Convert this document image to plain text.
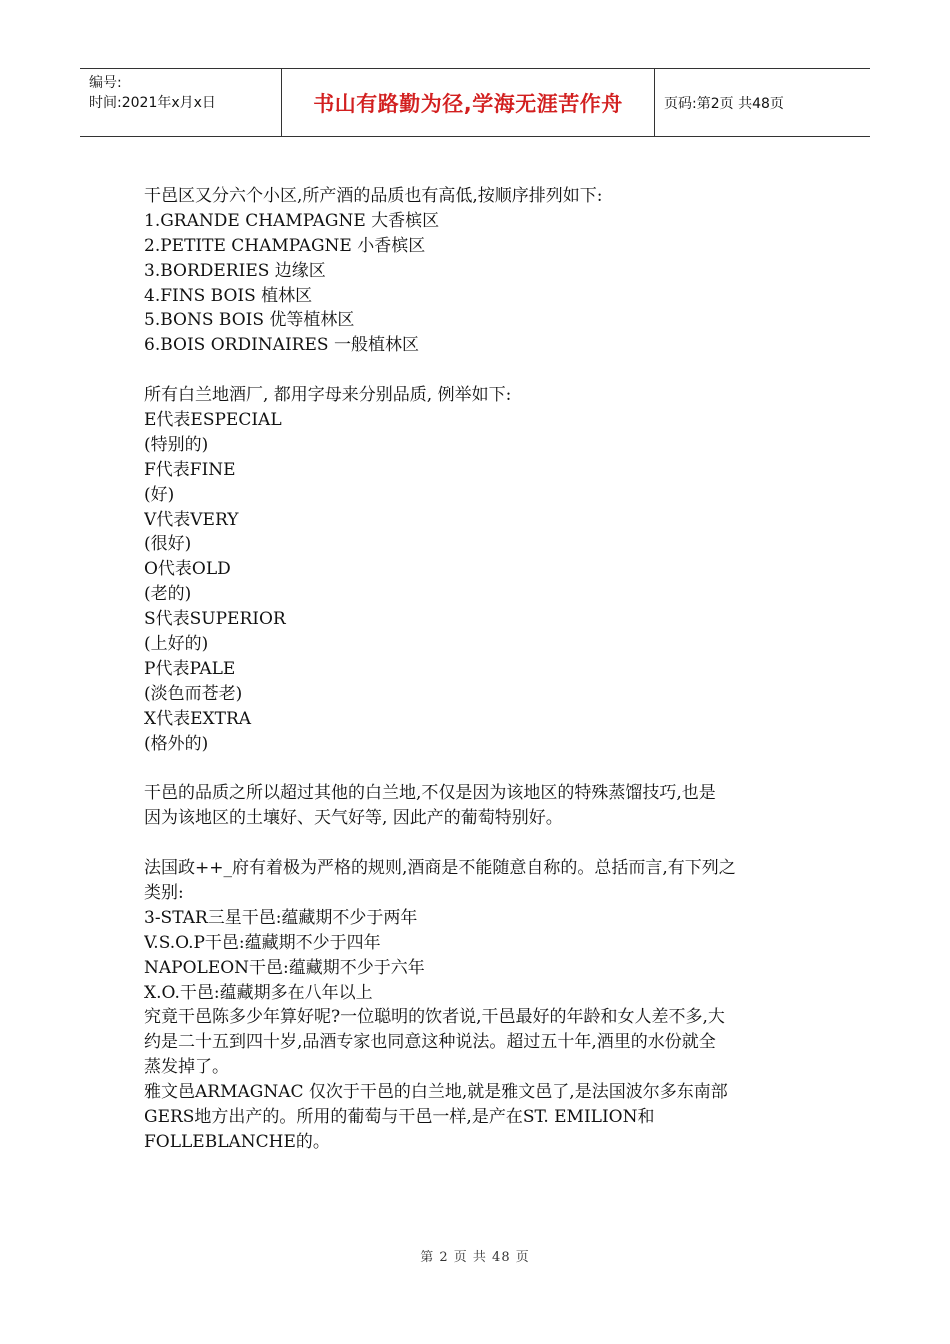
编号:
时间:2021年x月x日	书山有路勤为径,学海无涯苦作舟	页码:第2页 共48页
干邑区又分六个小区,所产酒的品质也有高低,按顺序排列如下:
1.GRANDE CHAMPAGNE 大香槟区
2.PETITE CHAMPAGNE 小香槟区
3.BORDERIES 边缘区
4.FINS BOIS 植林区
5.BONS BOIS 优等植林区
6.BOIS ORDINAIRES 一般植林区
所有白兰地酒厂, 都用字母来分别品质, 例举如下:
E代表ESPECIAL
(特别的)
F代表FINE
(好)
V代表VERY
(很好)
O代表OLD
(老的)
S代表SUPERIOR
(上好的)
P代表PALE
(淡色而苍老)
X代表EXTRA
(格外的)
干邑的品质之所以超过其他的白兰地,不仅是因为该地区的特殊蒸馏技巧,也是
因为该地区的土壤好、天气好等, 因此产的葡萄特别好。
法国政++_府有着极为严格的规则,酒商是不能随意自称的。总括而言,有下列之
类别:
3-STAR三星干邑:蕴藏期不少于两年
V.S.O.P干邑:蕴藏期不少于四年
NAPOLEON干邑:蕴藏期不少于六年
X.O.干邑:蕴藏期多在八年以上
究竟干邑陈多少年算好呢?一位聪明的饮者说,干邑最好的年龄和女人差不多,大
约是二十五到四十岁,品酒专家也同意这种说法。超过五十年,酒里的水份就全
蒸发掉了。
雅文邑ARMAGNAC 仅次于干邑的白兰地,就是雅文邑了,是法国波尔多东南部
GERS地方出产的。所用的葡萄与干邑一样,是产在ST. EMILION和
FOLLEBLANCHE的。
第 2 页 共 48 页
